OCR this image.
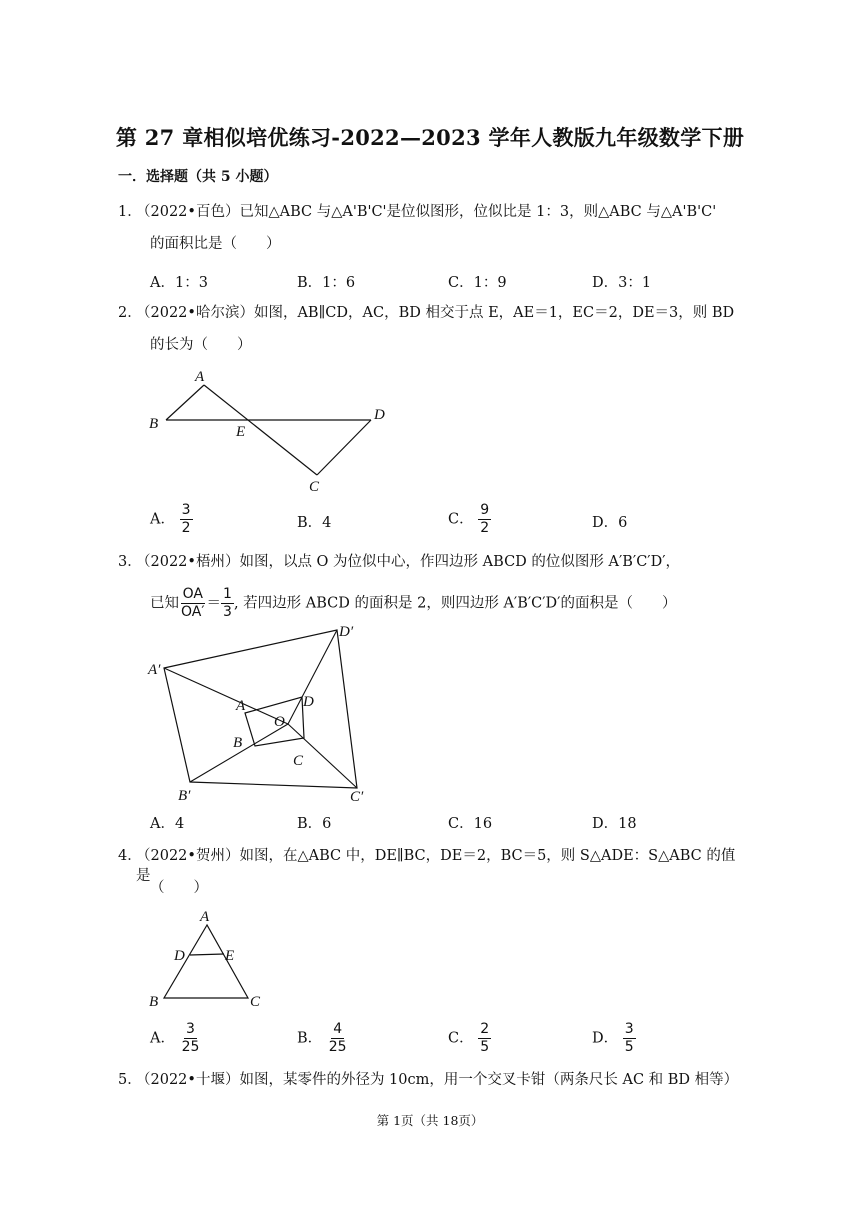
第 27 章相似培优练习-2022—2023 学年人教版九年级数学下册
一．选择题（共 5 小题）
1．
（2022•百色）已知△ABC 与△A'B'C'是位似图形，位似比是 1：3，则△ABC 与△A'B'C'
的面积比是（　　）
A．1：3	B．1：6	C．1：9	D．3：1
2．
（2022•哈尔滨）如图，AB∥CD，AC，BD 相交于点 E，AE＝1，EC＝2，DE＝3，则 BD
的长为（　　）
A
B	E
D
C
A． $\frac{3}{2}$	B．4	C． $\frac{9}{2}$	D．6
3．
（2022•梧州）如图，以点 O 为位似中心，作四边形 ABCD 的位似图形 A′B′C′D′，
已知 $\frac{OA}{OA'} = \frac{1}{3}$ , 若四边形 ABCD 的面积是 2，则四边形 A′B′C′D′的面积是（　　）
A′
D′
A
O
D
B
C
B′	C′
A．4	B．6	C．16	D．18
4．
（2022•贺州）如图，在△ABC 中，DE∥BC，DE＝2，BC＝5，则 S△ADE：S△ABC 的值是
（　　）
A
D	E
B	C
A． $\frac{3}{25}$	B． $\frac{4}{25}$	C． $\frac{2}{5}$	D． $\frac{3}{5}$
5．
（2022•十堰）如图，某零件的外径为 10cm，用一个交叉卡钳（两条尺长 AC 和 BD 相等）
第 1页（共 18页）
